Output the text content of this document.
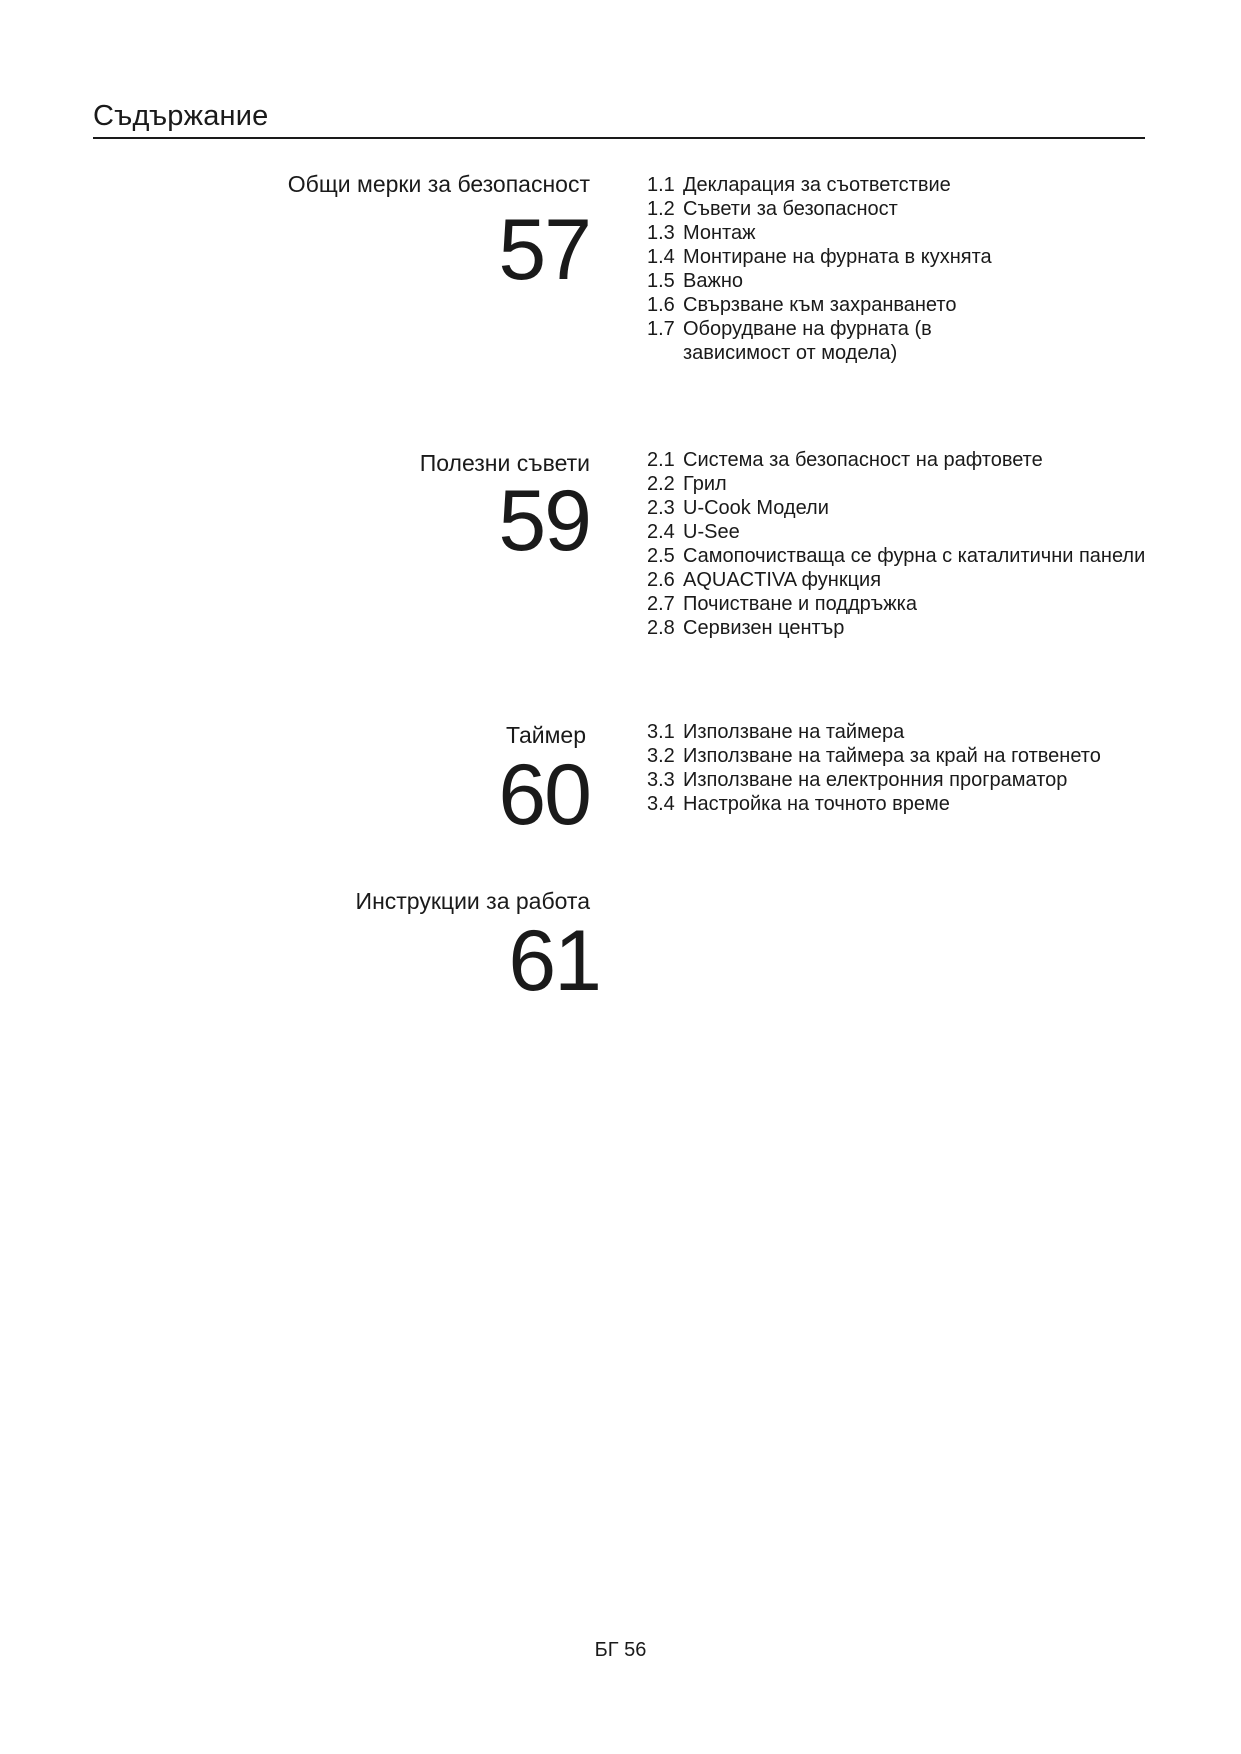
Съдържание
Общи мерки за безопасност
57
1.1 Декларация за съответствие
1.2 Съвети за безопасност
1.3 Монтаж
1.4 Монтиране на фурната в кухнята
1.5 Важно
1.6 Свързване към захранването
1.7 Оборудване на фурната (в зависимост от модела)
Полезни съвети
59
2.1 Система за безопасност на рафтовете
2.2 Грил
2.3 U-Cook Модели
2.4 U-See
2.5 Самопочистваща се фурна с каталитични панели
2.6 AQUACTIVA функция
2.7 Почистване и поддръжка
2.8 Сервизен център
Таймер
60
3.1 Използване на таймера
3.2 Използване на таймера за край на готвенето
3.3 Използване на електронния програматор
3.4 Настройка на точното време
Инструкции за работа
61
БГ 56
